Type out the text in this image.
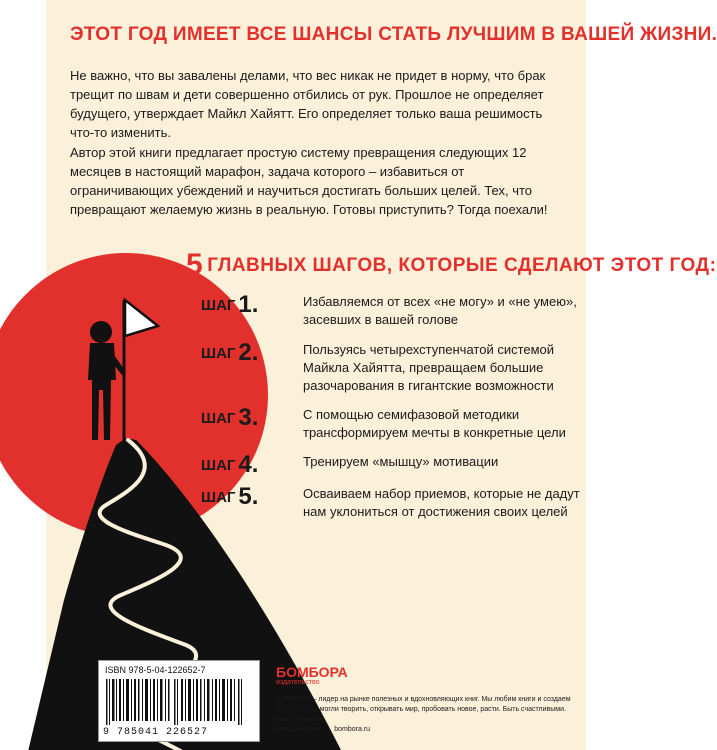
ЭТОТ ГОД ИМЕЕТ ВСЕ ШАНСЫ СТАТЬ ЛУЧШИМ В ВАШЕЙ ЖИЗНИ.
Не важно, что вы завалены делами, что вес никак не придет в норму, что брак трещит по швам и дети совершенно отбились от рук. Прошлое не определяет будущего, утверждает Майкл Хайятт. Его определяет только ваша решимость что-то изменить.
Автор этой книги предлагает простую систему превращения следующих 12 месяцев в настоящий марафон, задача которого – избавиться от ограничивающих убеждений и научиться достигать больших целей. Тех, что превращают желаемую жизнь в реальную. Готовы приступить? Тогда поехали!
5 ГЛАВНЫХ ШАГОВ, КОТОРЫЕ СДЕЛАЮТ ЭТОТ ГОД:
ШАГ 1.	Избавляемся от всех «не могу» и «не умею», засевших в вашей голове
ШАГ 2.	Пользуясь четырехступенчатой системой Майкла Хайятта, превращаем большие разочарования в гигантские возможности
ШАГ 3.	С помощью семифазовой методики трансформируем мечты в конкретные цели
ШАГ 4.	Тренируем «мышцу» мотивации
ШАГ 5.	Осваиваем набор приемов, которые не дадут нам уклониться от достижения своих целей
ISBN 978-5-04-122652-7
9 785041 226527
БОМБОРА
издательство
БОМБОРА – лидер на рынке полезных и вдохновляющих книг. Мы любим книги и создаем их, чтобы вы могли творить, открывать мир, пробовать новое, расти. Быть счастливыми. Быть на волне.
bomborabooks bombora.ru
